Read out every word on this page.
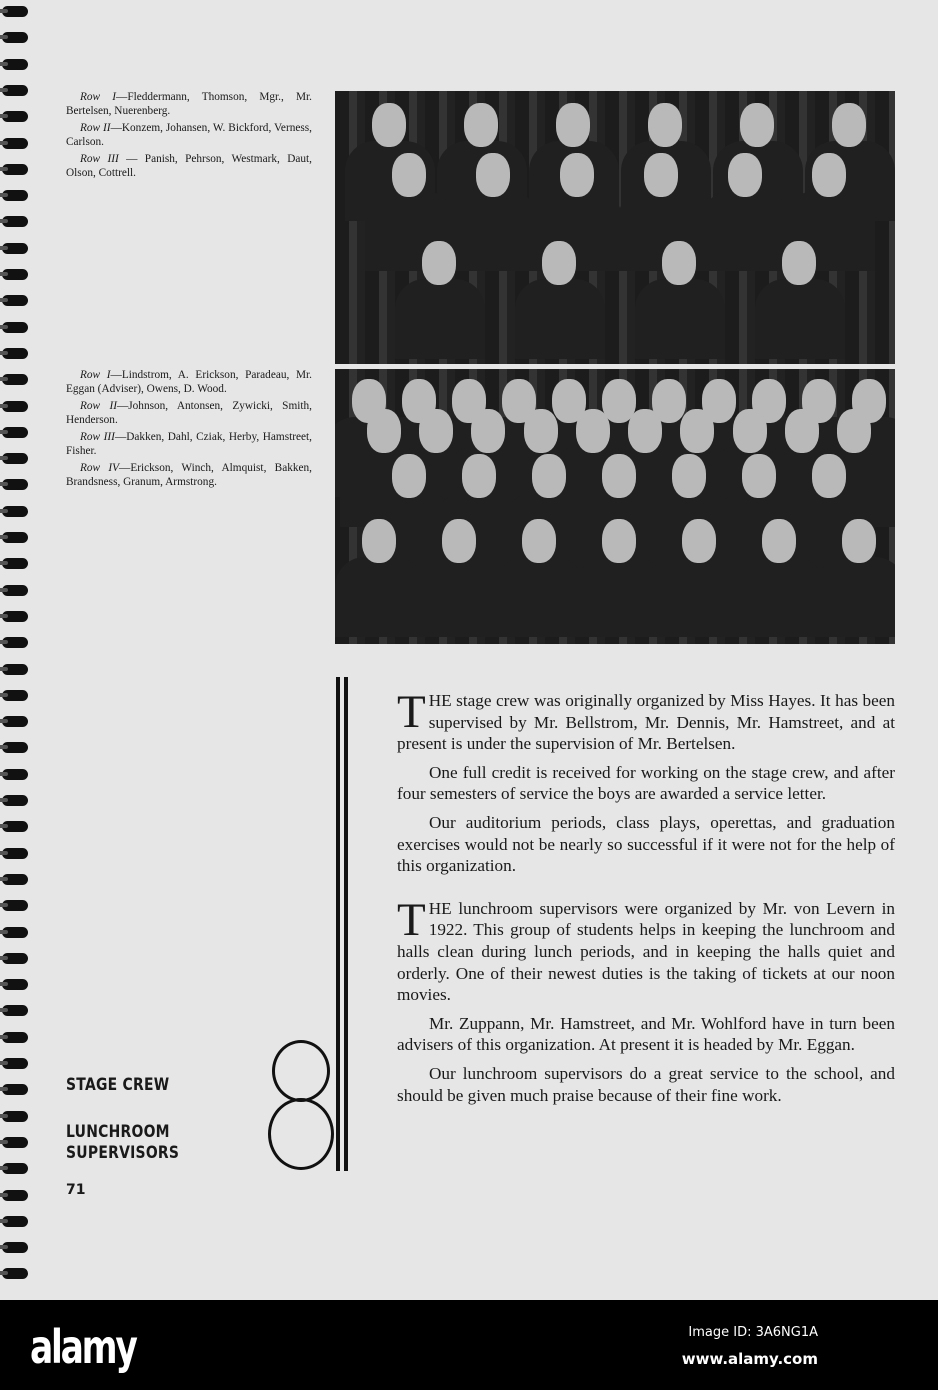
Row I—Fleddermann, Thomson, Mgr., Mr. Bertelsen, Nuerenberg.

Row II—Konzem, Johansen, W. Bickford, Verness, Carlson.

Row III — Panish, Pehrson, Westmark, Daut, Olson, Cottrell.

Row I—Lindstrom, A. Erickson, Paradeau, Mr. Eggan (Adviser), Owens, D. Wood.

Row II—Johnson, Antonsen, Zywicki, Smith, Henderson.

Row III—Dakken, Dahl, Cziak, Herby, Hamstreet, Fisher.

Row IV—Erickson, Winch, Almquist, Bakken, Brandsness, Granum, Armstrong.

THE stage crew was originally organized by Miss Hayes. It has been supervised by Mr. Bellstrom, Mr. Dennis, Mr. Hamstreet, and at present is under the supervision of Mr. Bertelsen.

One full credit is received for working on the stage crew, and after four semesters of service the boys are awarded a service letter.

Our auditorium periods, class plays, operettas, and graduation exercises would not be nearly so successful if it were not for the help of this organization.

THE lunchroom supervisors were organized by Mr. von Levern in 1922. This group of students helps in keeping the lunchroom and halls clean during lunch periods, and in keeping the halls quiet and orderly. One of their newest duties is the taking of tickets at our noon movies.

Mr. Zuppann, Mr. Hamstreet, and Mr. Wohlford have in turn been advisers of this organization. At present it is headed by Mr. Eggan.

Our lunchroom supervisors do a great service to the school, and should be given much praise because of their fine work.

STAGE CREW
LUNCHROOM
SUPERVISORS
71
alamy	Image ID: 3A6NG1A
www.alamy.com
